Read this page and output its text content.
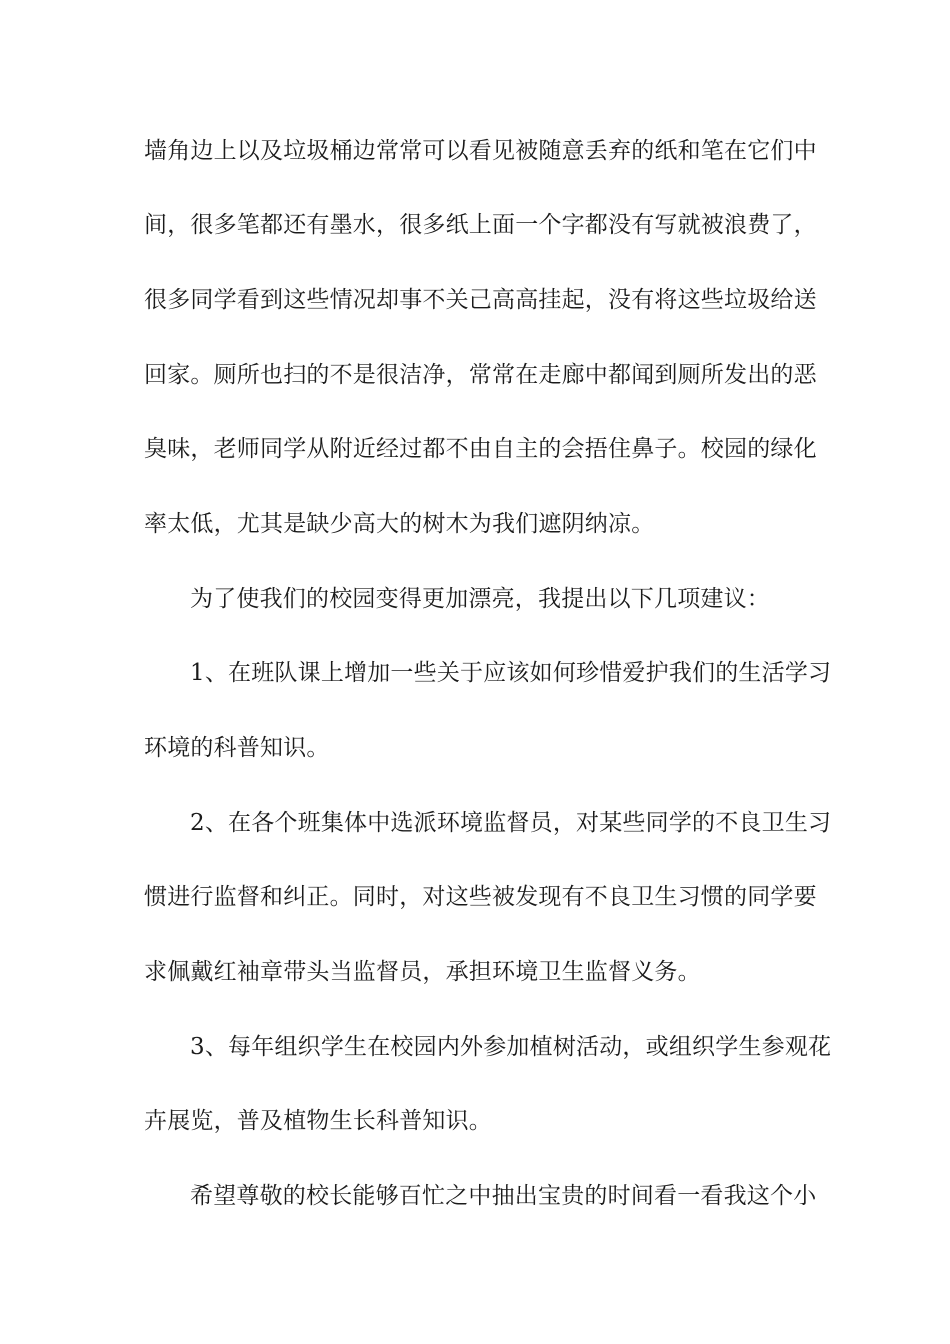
墙角边上以及垃圾桶边常常可以看见被随意丢弃的纸和笔在它们中
间，很多笔都还有墨水，很多纸上面一个字都没有写就被浪费了，
很多同学看到这些情况却事不关己高高挂起，没有将这些垃圾给送
回家。厕所也扫的不是很洁净，常常在走廊中都闻到厕所发出的恶
臭味，老师同学从附近经过都不由自主的会捂住鼻子。校园的绿化
率太低，尤其是缺少高大的树木为我们遮阴纳凉。
为了使我们的校园变得更加漂亮，我提出以下几项建议：
1、在班队课上增加一些关于应该如何珍惜爱护我们的生活学习
环境的科普知识。
2、在各个班集体中选派环境监督员，对某些同学的不良卫生习
惯进行监督和纠正。同时，对这些被发现有不良卫生习惯的同学要
求佩戴红袖章带头当监督员，承担环境卫生监督义务。
3、每年组织学生在校园内外参加植树活动，或组织学生参观花
卉展览，普及植物生长科普知识。
希望尊敬的校长能够百忙之中抽出宝贵的时间看一看我这个小
